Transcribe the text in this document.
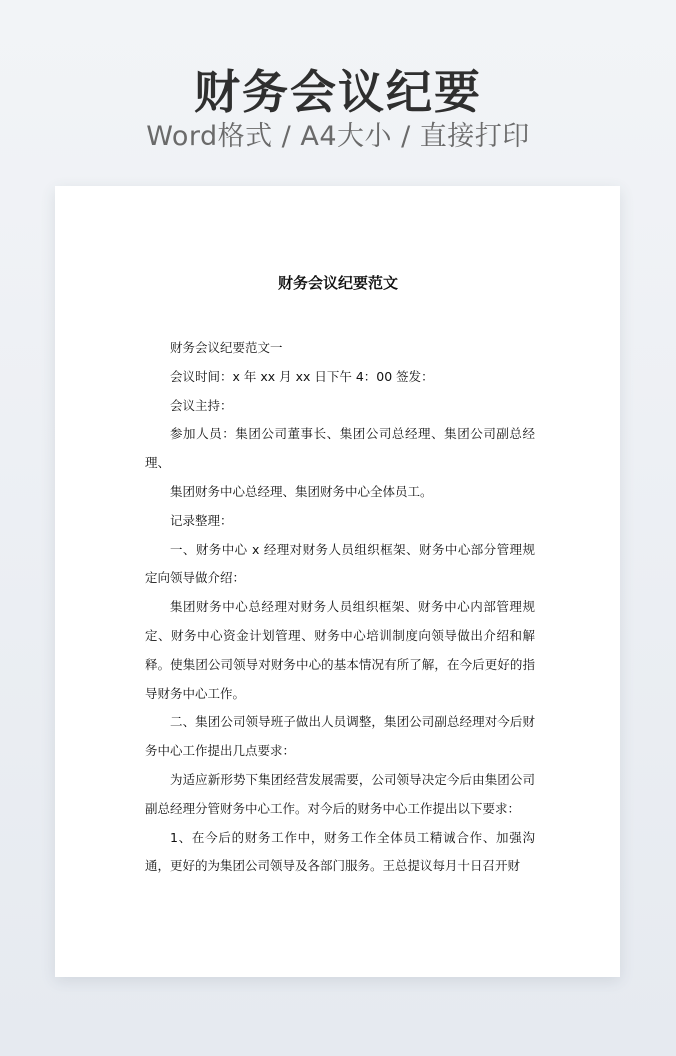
财务会议纪要
Word格式 / A4大小 / 直接打印
财务会议纪要范文

财务会议纪要范文一

会议时间：x 年 xx 月 xx 日下午 4：00 签发：

会议主持：

参加人员：集团公司董事长、集团公司总经理、集团公司副总经理、

集团财务中心总经理、集团财务中心全体员工。

记录整理：

一、财务中心 x 经理对财务人员组织框架、财务中心部分管理规定向领导做介绍：

集团财务中心总经理对财务人员组织框架、财务中心内部管理规定、财务中心资金计划管理、财务中心培训制度向领导做出介绍和解释。使集团公司领导对财务中心的基本情况有所了解，在今后更好的指导财务中心工作。

二、集团公司领导班子做出人员调整，集团公司副总经理对今后财务中心工作提出几点要求：

为适应新形势下集团经营发展需要，公司领导决定今后由集团公司副总经理分管财务中心工作。对今后的财务中心工作提出以下要求：

1、在今后的财务工作中，财务工作全体员工精诚合作、加强沟通，更好的为集团公司领导及各部门服务。王总提议每月十日召开财
